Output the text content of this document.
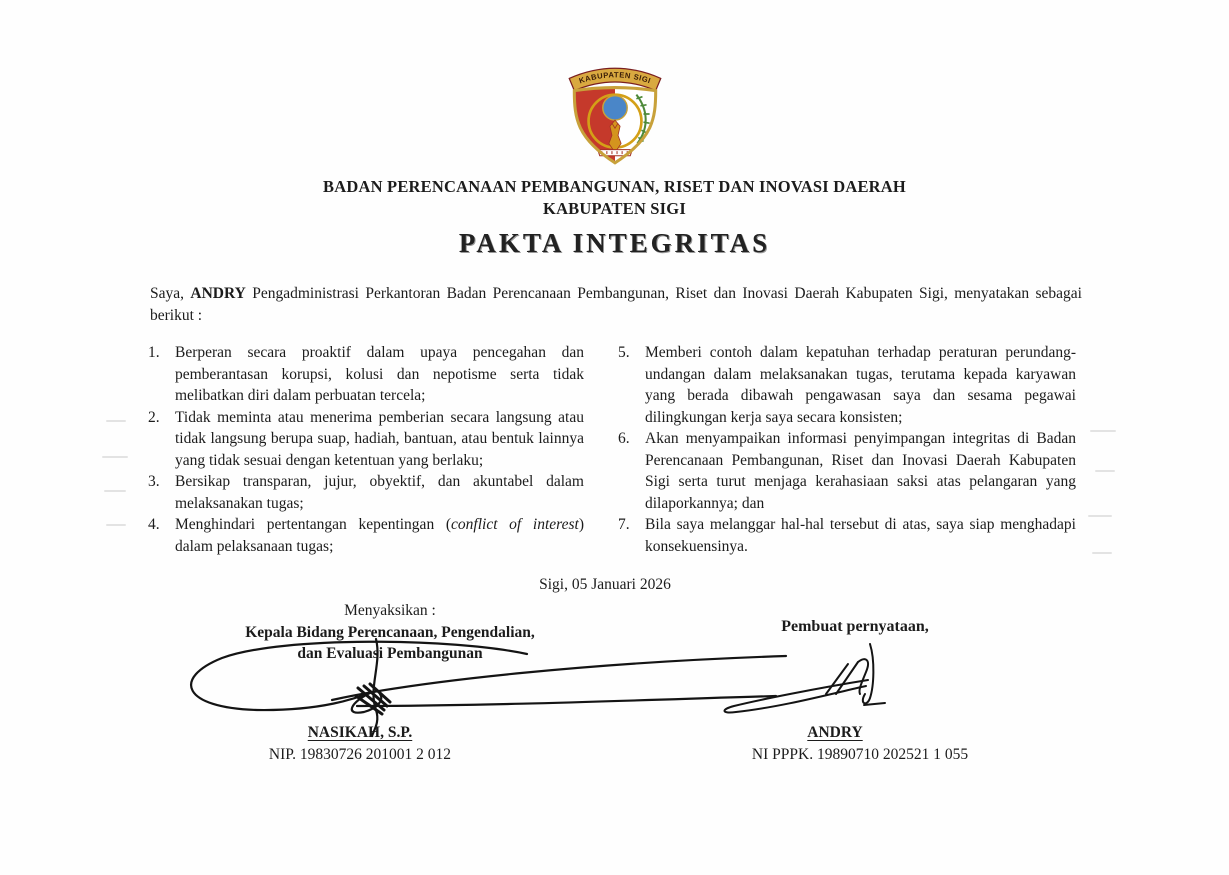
KABUPATEN SIGI
BADAN PERENCANAAN PEMBANGUNAN, RISET DAN INOVASI DAERAH
KABUPATEN SIGI
PAKTA INTEGRITAS

Saya, ANDRY Pengadministrasi Perkantoran Badan Perencanaan Pembangunan, Riset dan Inovasi Daerah Kabupaten Sigi, menyatakan sebagai berikut :

1. Berperan secara proaktif dalam upaya pencegahan dan pemberantasan korupsi, kolusi dan nepotisme serta tidak melibatkan diri dalam perbuatan tercela;
2. Tidak meminta atau menerima pemberian secara langsung atau tidak langsung berupa suap, hadiah, bantuan, atau bentuk lainnya yang tidak sesuai dengan ketentuan yang berlaku;
3. Bersikap transparan, jujur, obyektif, dan akuntabel dalam melaksanakan tugas;
4. Menghindari pertentangan kepentingan (conflict of interest) dalam pelaksanaan tugas;
5. Memberi contoh dalam kepatuhan terhadap peraturan perundang-undangan dalam melaksanakan tugas, terutama kepada karyawan yang berada dibawah pengawasan saya dan sesama pegawai dilingkungan kerja saya secara konsisten;
6. Akan menyampaikan informasi penyimpangan integritas di Badan Perencanaan Pembangunan, Riset dan Inovasi Daerah Kabupaten Sigi serta turut menjaga kerahasiaan saksi atas pelangaran yang dilaporkannya; dan
7. Bila saya melanggar hal-hal tersebut di atas, saya siap menghadapi konsekuensinya.
Sigi, 05 Januari 2026
Menyaksikan :
Kepala Bidang Perencanaan, Pengendalian,
dan Evaluasi Pembangunan
NASIKAH, S.P.
NIP. 19830726 201001 2 012
Pembuat pernyataan,
ANDRY
NI PPPK. 19890710 202521 1 055
